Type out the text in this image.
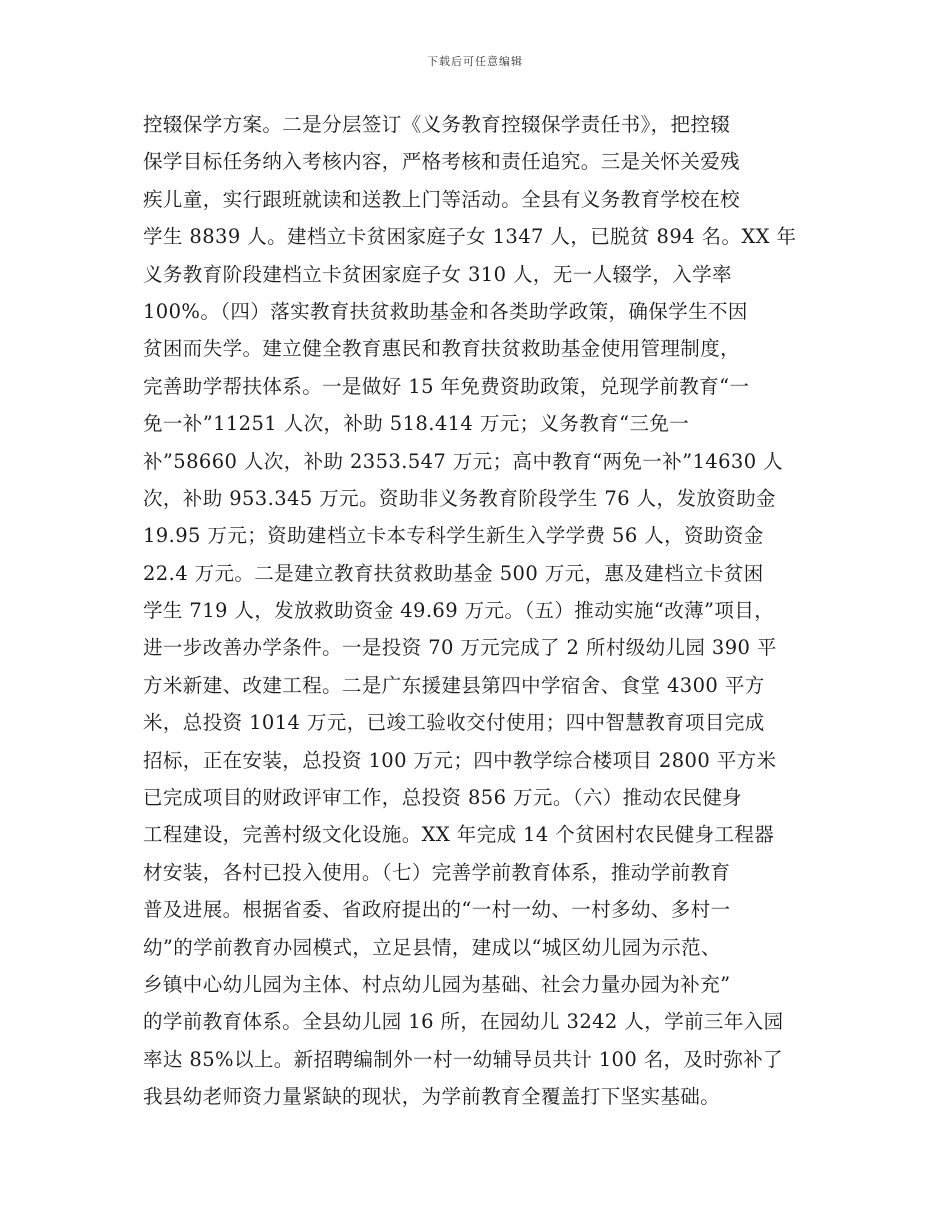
下载后可任意编辑
控辍保学方案。二是分层签订《义务教育控辍保学责任书》，把控辍
保学目标任务纳入考核内容，严格考核和责任追究。三是关怀关爱残
疾儿童，实行跟班就读和送教上门等活动。全县有义务教育学校在校
学生 8839 人。建档立卡贫困家庭子女 1347 人，已脱贫 894 名。XX 年
义务教育阶段建档立卡贫困家庭子女 310 人，无一人辍学，入学率
100%。（四）落实教育扶贫救助基金和各类助学政策，确保学生不因
贫困而失学。建立健全教育惠民和教育扶贫救助基金使用管理制度，
完善助学帮扶体系。一是做好 15 年免费资助政策，兑现学前教育“一
免一补”11251 人次，补助 518.414 万元；义务教育“三免一
补”58660 人次，补助 2353.547 万元；高中教育“两免一补”14630 人
次，补助 953.345 万元。资助非义务教育阶段学生 76 人，发放资助金
19.95 万元；资助建档立卡本专科学生新生入学学费 56 人，资助资金
22.4 万元。二是建立教育扶贫救助基金 500 万元，惠及建档立卡贫困
学生 719 人，发放救助资金 49.69 万元。（五）推动实施“改薄”项目，
进一步改善办学条件。一是投资 70 万元完成了 2 所村级幼儿园 390 平
方米新建、改建工程。二是广东援建县第四中学宿舍、食堂 4300 平方
米，总投资 1014 万元，已竣工验收交付使用；四中智慧教育项目完成
招标，正在安装，总投资 100 万元；四中教学综合楼项目 2800 平方米
已完成项目的财政评审工作，总投资 856 万元。（六）推动农民健身
工程建设，完善村级文化设施。XX 年完成 14 个贫困村农民健身工程器
材安装，各村已投入使用。（七）完善学前教育体系，推动学前教育
普及进展。根据省委、省政府提出的“一村一幼、一村多幼、多村一
幼”的学前教育办园模式，立足县情，建成以“城区幼儿园为示范、
乡镇中心幼儿园为主体、村点幼儿园为基础、社会力量办园为补充”
的学前教育体系。全县幼儿园 16 所，在园幼儿 3242 人，学前三年入园
率达 85%以上。新招聘编制外一村一幼辅导员共计 100 名，及时弥补了
我县幼老师资力量紧缺的现状，为学前教育全覆盖打下坚实基础。
